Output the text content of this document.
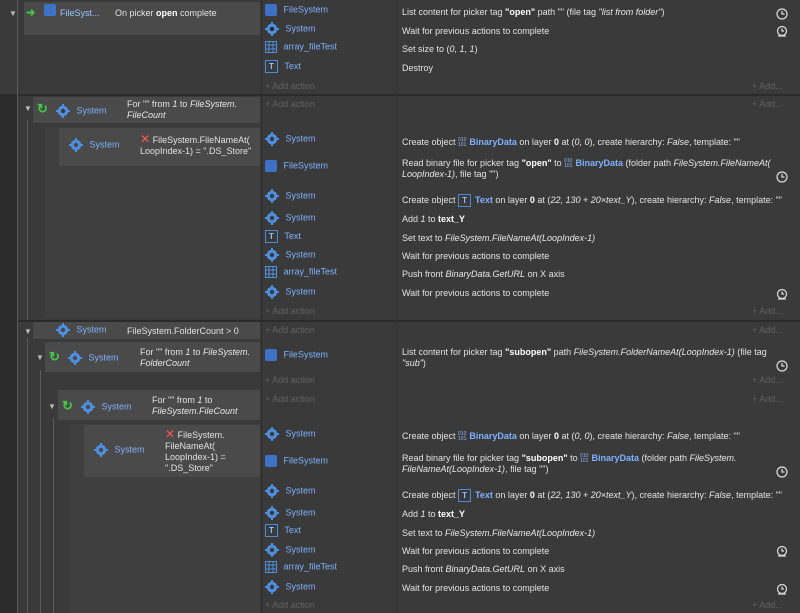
▼ ➜	FileSyst... On picker open complete	FileSystem	List content for picker tag "open" path "" (file tag "list from folder")
System	Wait for previous actions to complete
array_fileTest	Set size to (0, 1, 1)
T Text	Destroy
+ Add action	+ Add...
▼ ↻	System
For "" from 1 to FileSystem.
FileCount
+ Add action	+ Add...
System ✕ FileSystem.FileNameAt(
LoopIndex-1) = ".DS_Store"
System	Create object 010
101 BinaryData on layer 0 at (0, 0), create hierarchy: False, template: ""
FileSystem	Read binary file for picker tag "open" to 010
101 BinaryData (folder path FileSystem.FileNameAt(
LoopIndex-1), file tag "")
System	Create object T Text on layer 0 at (22, 130 + 20×text_Y), create hierarchy: False, template: ""
System	Add 1 to text_Y
T Text	Set text to FileSystem.FileNameAt(LoopIndex-1)
System	Wait for previous actions to complete
array_fileTest	Push front BinaryData.GetURL on X axis
System	Wait for previous actions to complete
+ Add action	+ Add...
▼	System FileSystem.FolderCount > 0	+ Add action	+ Add...
▼ ↻	System
For "" from 1 to FileSystem.
FolderCount
FileSystem	List content for picker tag "subopen" path FileSystem.FolderNameAt(LoopIndex-1) (file tag
"sub")
+ Add action	+ Add...
▼ ↻	System
For "" from 1 to
FileSystem.FileCount
+ Add action	+ Add...
System
✕ FileSystem.
FileNameAt(
LoopIndex-1) =
".DS_Store"
System	Create object 010
101 BinaryData on layer 0 at (0, 0), create hierarchy: False, template: ""
FileSystem	Read binary file for picker tag "subopen" to 010
101 BinaryData (folder path FileSystem.
FileNameAt(LoopIndex-1), file tag "")
System	Create object T Text on layer 0 at (22, 130 + 20×text_Y), create hierarchy: False, template: ""
System	Add 1 to text_Y
T Text	Set text to FileSystem.FileNameAt(LoopIndex-1)
System	Wait for previous actions to complete
array_fileTest	Push front BinaryData.GetURL on X axis
System	Wait for previous actions to complete
+ Add action	+ Add...
